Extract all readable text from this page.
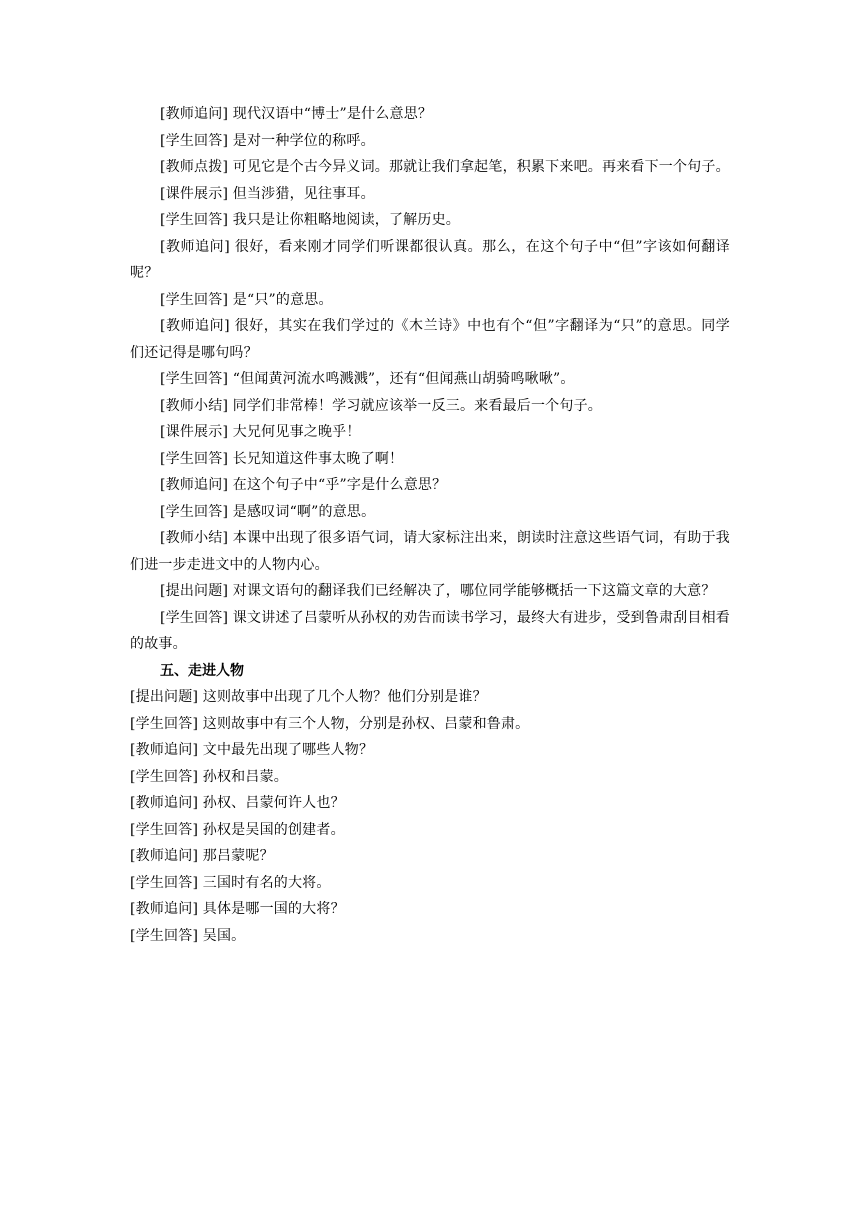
[教师追问] 现代汉语中“博士”是什么意思？

[学生回答] 是对一种学位的称呼。

[教师点拨] 可见它是个古今异义词。那就让我们拿起笔，积累下来吧。再来看下一个句子。

[课件展示] 但当涉猎，见往事耳。

[学生回答] 我只是让你粗略地阅读，了解历史。

[教师追问] 很好，看来刚才同学们听课都很认真。那么，在这个句子中“但”字该如何翻译呢？

[学生回答] 是“只”的意思。

[教师追问] 很好，其实在我们学过的《木兰诗》中也有个“但”字翻译为“只”的意思。同学们还记得是哪句吗？

[学生回答] “但闻黄河流水鸣溅溅”，还有“但闻燕山胡骑鸣啾啾”。

[教师小结] 同学们非常棒！学习就应该举一反三。来看最后一个句子。

[课件展示] 大兄何见事之晚乎！

[学生回答] 长兄知道这件事太晚了啊！

[教师追问] 在这个句子中“乎”字是什么意思？

[学生回答] 是感叹词“啊”的意思。

[教师小结] 本课中出现了很多语气词，请大家标注出来，朗读时注意这些语气词，有助于我们进一步走进文中的人物内心。

[提出问题] 对课文语句的翻译我们已经解决了，哪位同学能够概括一下这篇文章的大意？

[学生回答] 课文讲述了吕蒙听从孙权的劝告而读书学习，最终大有进步，受到鲁肃刮目相看的故事。

五、走进人物

[提出问题] 这则故事中出现了几个人物？他们分别是谁？

[学生回答] 这则故事中有三个人物，分别是孙权、吕蒙和鲁肃。

[教师追问] 文中最先出现了哪些人物？

[学生回答] 孙权和吕蒙。

[教师追问] 孙权、吕蒙何许人也？

[学生回答] 孙权是吴国的创建者。

[教师追问] 那吕蒙呢？

[学生回答] 三国时有名的大将。

[教师追问] 具体是哪一国的大将？

[学生回答] 吴国。
